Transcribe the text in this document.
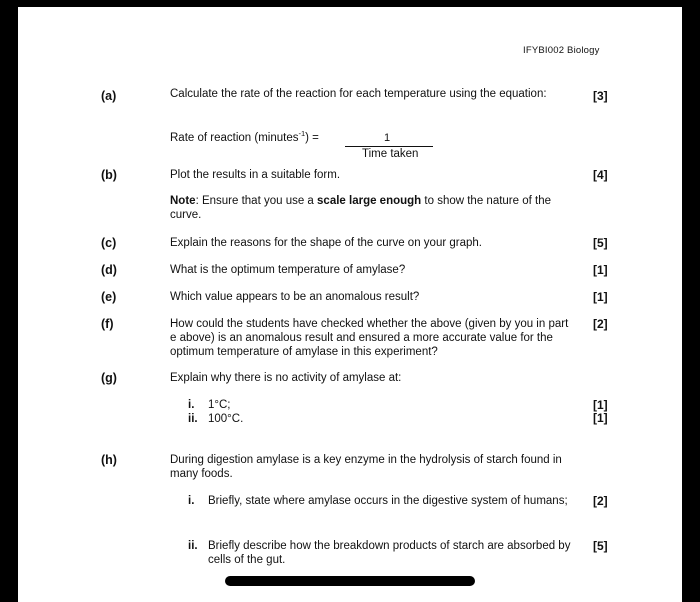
IFYBI002 Biology
(a)	Calculate the rate of the reaction for each temperature using the equation:	[3]
Rate of reaction (minutes$^{-1}$) =	1
Time taken
(b)	Plot the results in a suitable form.	[4]
Note: Ensure that you use a scale large enough to show the nature of the curve.
(c)	Explain the reasons for the shape of the curve on your graph.	[5]
(d)	What is the optimum temperature of amylase?	[1]
(e)	Which value appears to be an anomalous result?	[1]
(f)	How could the students have checked whether the above (given by you in part e above) is an anomalous result and ensured a more accurate value for the optimum temperature of amylase in this experiment?
[2]
(g)	Explain why there is no activity of amylase at:
i. 1°C;	[1]
ii. 100°C.	[1]
(h)	During digestion amylase is a key enzyme in the hydrolysis of starch found in many foods.
i.	Briefly, state where amylase occurs in the digestive system of humans;	[2]
ii. Briefly describe how the breakdown products of starch are absorbed by cells of the gut.
[5]
